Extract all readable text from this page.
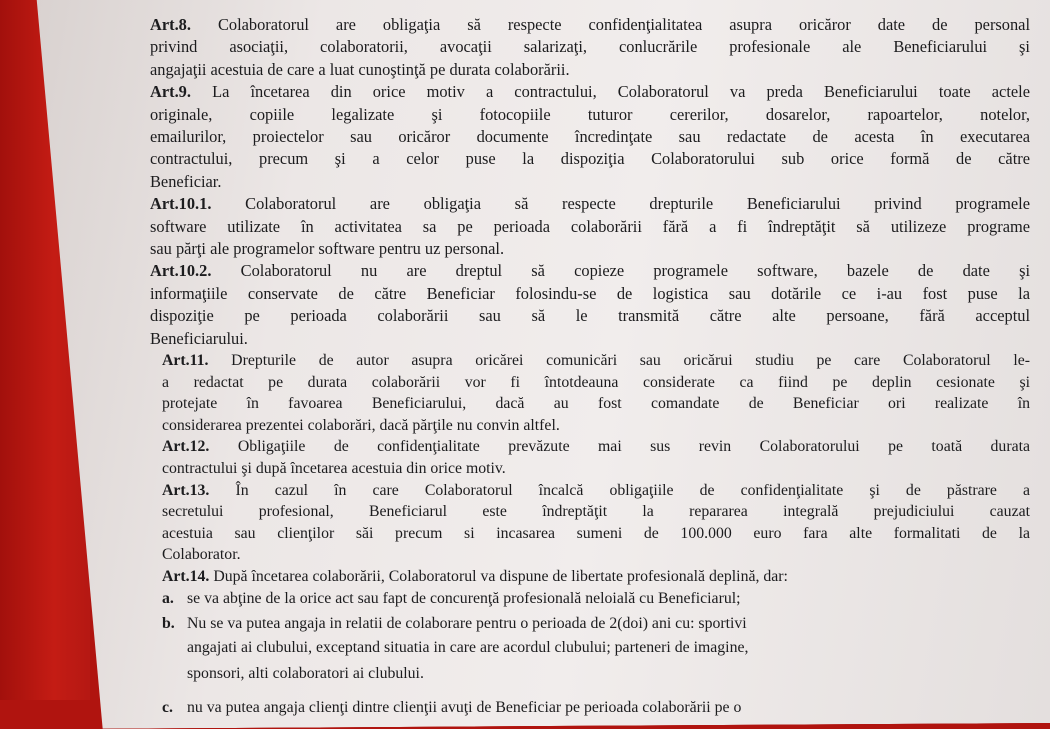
Art.8. Colaboratorul are obligaţia să respecte confidenţialitatea asupra oricăror date de personal
privind asociaţii, colaboratorii, avocaţii salarizaţi, conlucrările profesionale ale Beneficiarului şi
angajaţii acestuia de care a luat cunoştinţă pe durata colaborării.
Art.9. La încetarea din orice motiv a contractului, Colaboratorul va preda Beneficiarului toate actele
originale, copiile legalizate şi fotocopiile tuturor cererilor, dosarelor, rapoartelor, notelor,
emailurilor, proiectelor sau oricăror documente încredinţate sau redactate de acesta în executarea
contractului, precum şi a celor puse la dispoziţia Colaboratorului sub orice formă de către
Beneficiar.
Art.10.1. Colaboratorul are obligaţia să respecte drepturile Beneficiarului privind programele
software utilizate în activitatea sa pe perioada colaborării fără a fi îndreptăţit să utilizeze programe
sau părţi ale programelor software pentru uz personal.
Art.10.2. Colaboratorul nu are dreptul să copieze programele software, bazele de date şi
informaţiile conservate de către Beneficiar folosindu-se de logistica sau dotările ce i-au fost puse la
dispoziţie pe perioada colaborării sau să le transmită către alte persoane, fără acceptul
Beneficiarului.
Art.11. Drepturile de autor asupra oricărei comunicări sau oricărui studiu pe care Colaboratorul le-
a redactat pe durata colaborării vor fi întotdeauna considerate ca fiind pe deplin cesionate şi
protejate în favoarea Beneficiarului, dacă au fost comandate de Beneficiar ori realizate în
considerarea prezentei colaborări, dacă părţile nu convin altfel.
Art.12. Obligaţiile de confidenţialitate prevăzute mai sus revin Colaboratorului pe toată durata
contractului şi după încetarea acestuia din orice motiv.
Art.13. În cazul în care Colaboratorul încalcă obligaţiile de confidenţialitate şi de păstrare a
secretului profesional, Beneficiarul este îndreptăţit la repararea integrală prejudiciului cauzat
acestuia sau clienţilor săi precum si incasarea sumeni de 100.000 euro fara alte formalitati de la
Colaborator.
Art.14. După încetarea colaborării, Colaboratorul va dispune de libertate profesională deplină, dar:
a. se va abţine de la orice act sau fapt de concurenţă profesională neloială cu Beneficiarul;
b. Nu se va putea angaja in relatii de colaborare pentru o perioada de 2(doi) ani cu: sportivi
angajati ai clubului, exceptand situatia in care are acordul clubului; parteneri de imagine,
sponsori, alti colaboratori ai clubului.
c. nu va putea angaja clienţi dintre clienţii avuţi de Beneficiar pe perioada colaborării pe o
